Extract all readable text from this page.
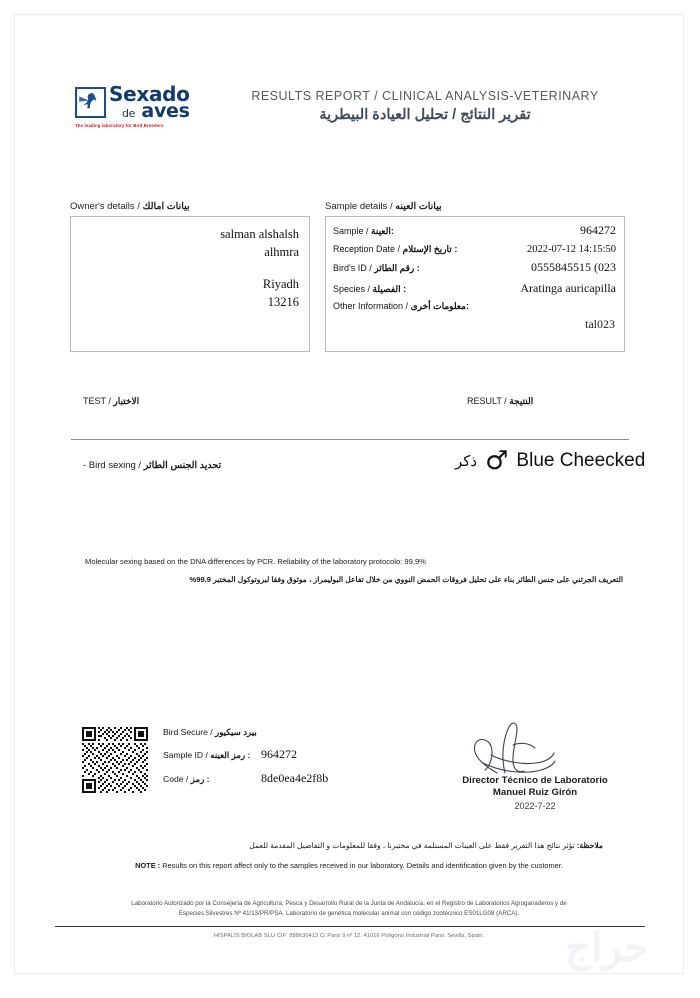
Sexado
de aves
The leading laboratory for Bird Breeders
RESULTS REPORT / CLINICAL ANALYSIS-VETERINARY
تقرير النتائج / تحليل العيادة البيطرية
Owner's details / بيانات امالك
salman alshalsh
alhmra
Riyadh
13216
Sample details / بيانات العينه
Sample / العينة:	964272
Reception Date / تاريخ الإستلام :	2022-07-12 14:15:50
Bird's ID / رقم الطائر :	0555845515 (023
Species / الفصيلة :	Aratinga auricapilla
Other Information / معلومات أخرى:
tal023
TEST / الاختبار	RESULT / النتيجة
- Bird sexing / تحديد الجنس الطائر	ذكر ♂ Blue Cheecked
Molecular sexing based on the DNA differences by PCR. Reliability of the laboratory protocolo: 99,9%
التعريف الجرثني على جنس الطائر بناء على تحليل فروقات الحمض النووي من خلال تفاعل البوليمراز ، موثوق وفقا لبروتوكول المختبر 99.9%
Bird Secure / بيرد سيكيور
Sample ID / رمز العينه : 964272
Code / رمز :	8de0ea4e2f8b	Director Técnico de Laboratorio
Manuel Ruiz Girón
2022-7-22
ملاحظة: تؤثر نتائج هذا التقرير فقط على العينات المستلمة في مختبرنا ، وفقا للمعلومات و التفاصيل المقدمة للعمل
NOTE : Results on this report affect only to the samples received in our laboratory. Details and identification given by the customer.
Laboratorio Autorizado por la Consejería de Agricultura, Pesca y Desarrollo Rural de la Junta de Andalucía, en el Registro de Laboratorios Agroganaderos y de
Especies Silvestres Nº 41/13/PR/PSA. Laboratorio de genética molecular animal con código zootécnico ES01LG08 (ARCA).
HISPALIS BIOLAB SLU CIF: 888630413 C/ Parsi 9 nº 12. 41016 Polígono Industrial Parsi. Sevilla, Spain.	حراج
